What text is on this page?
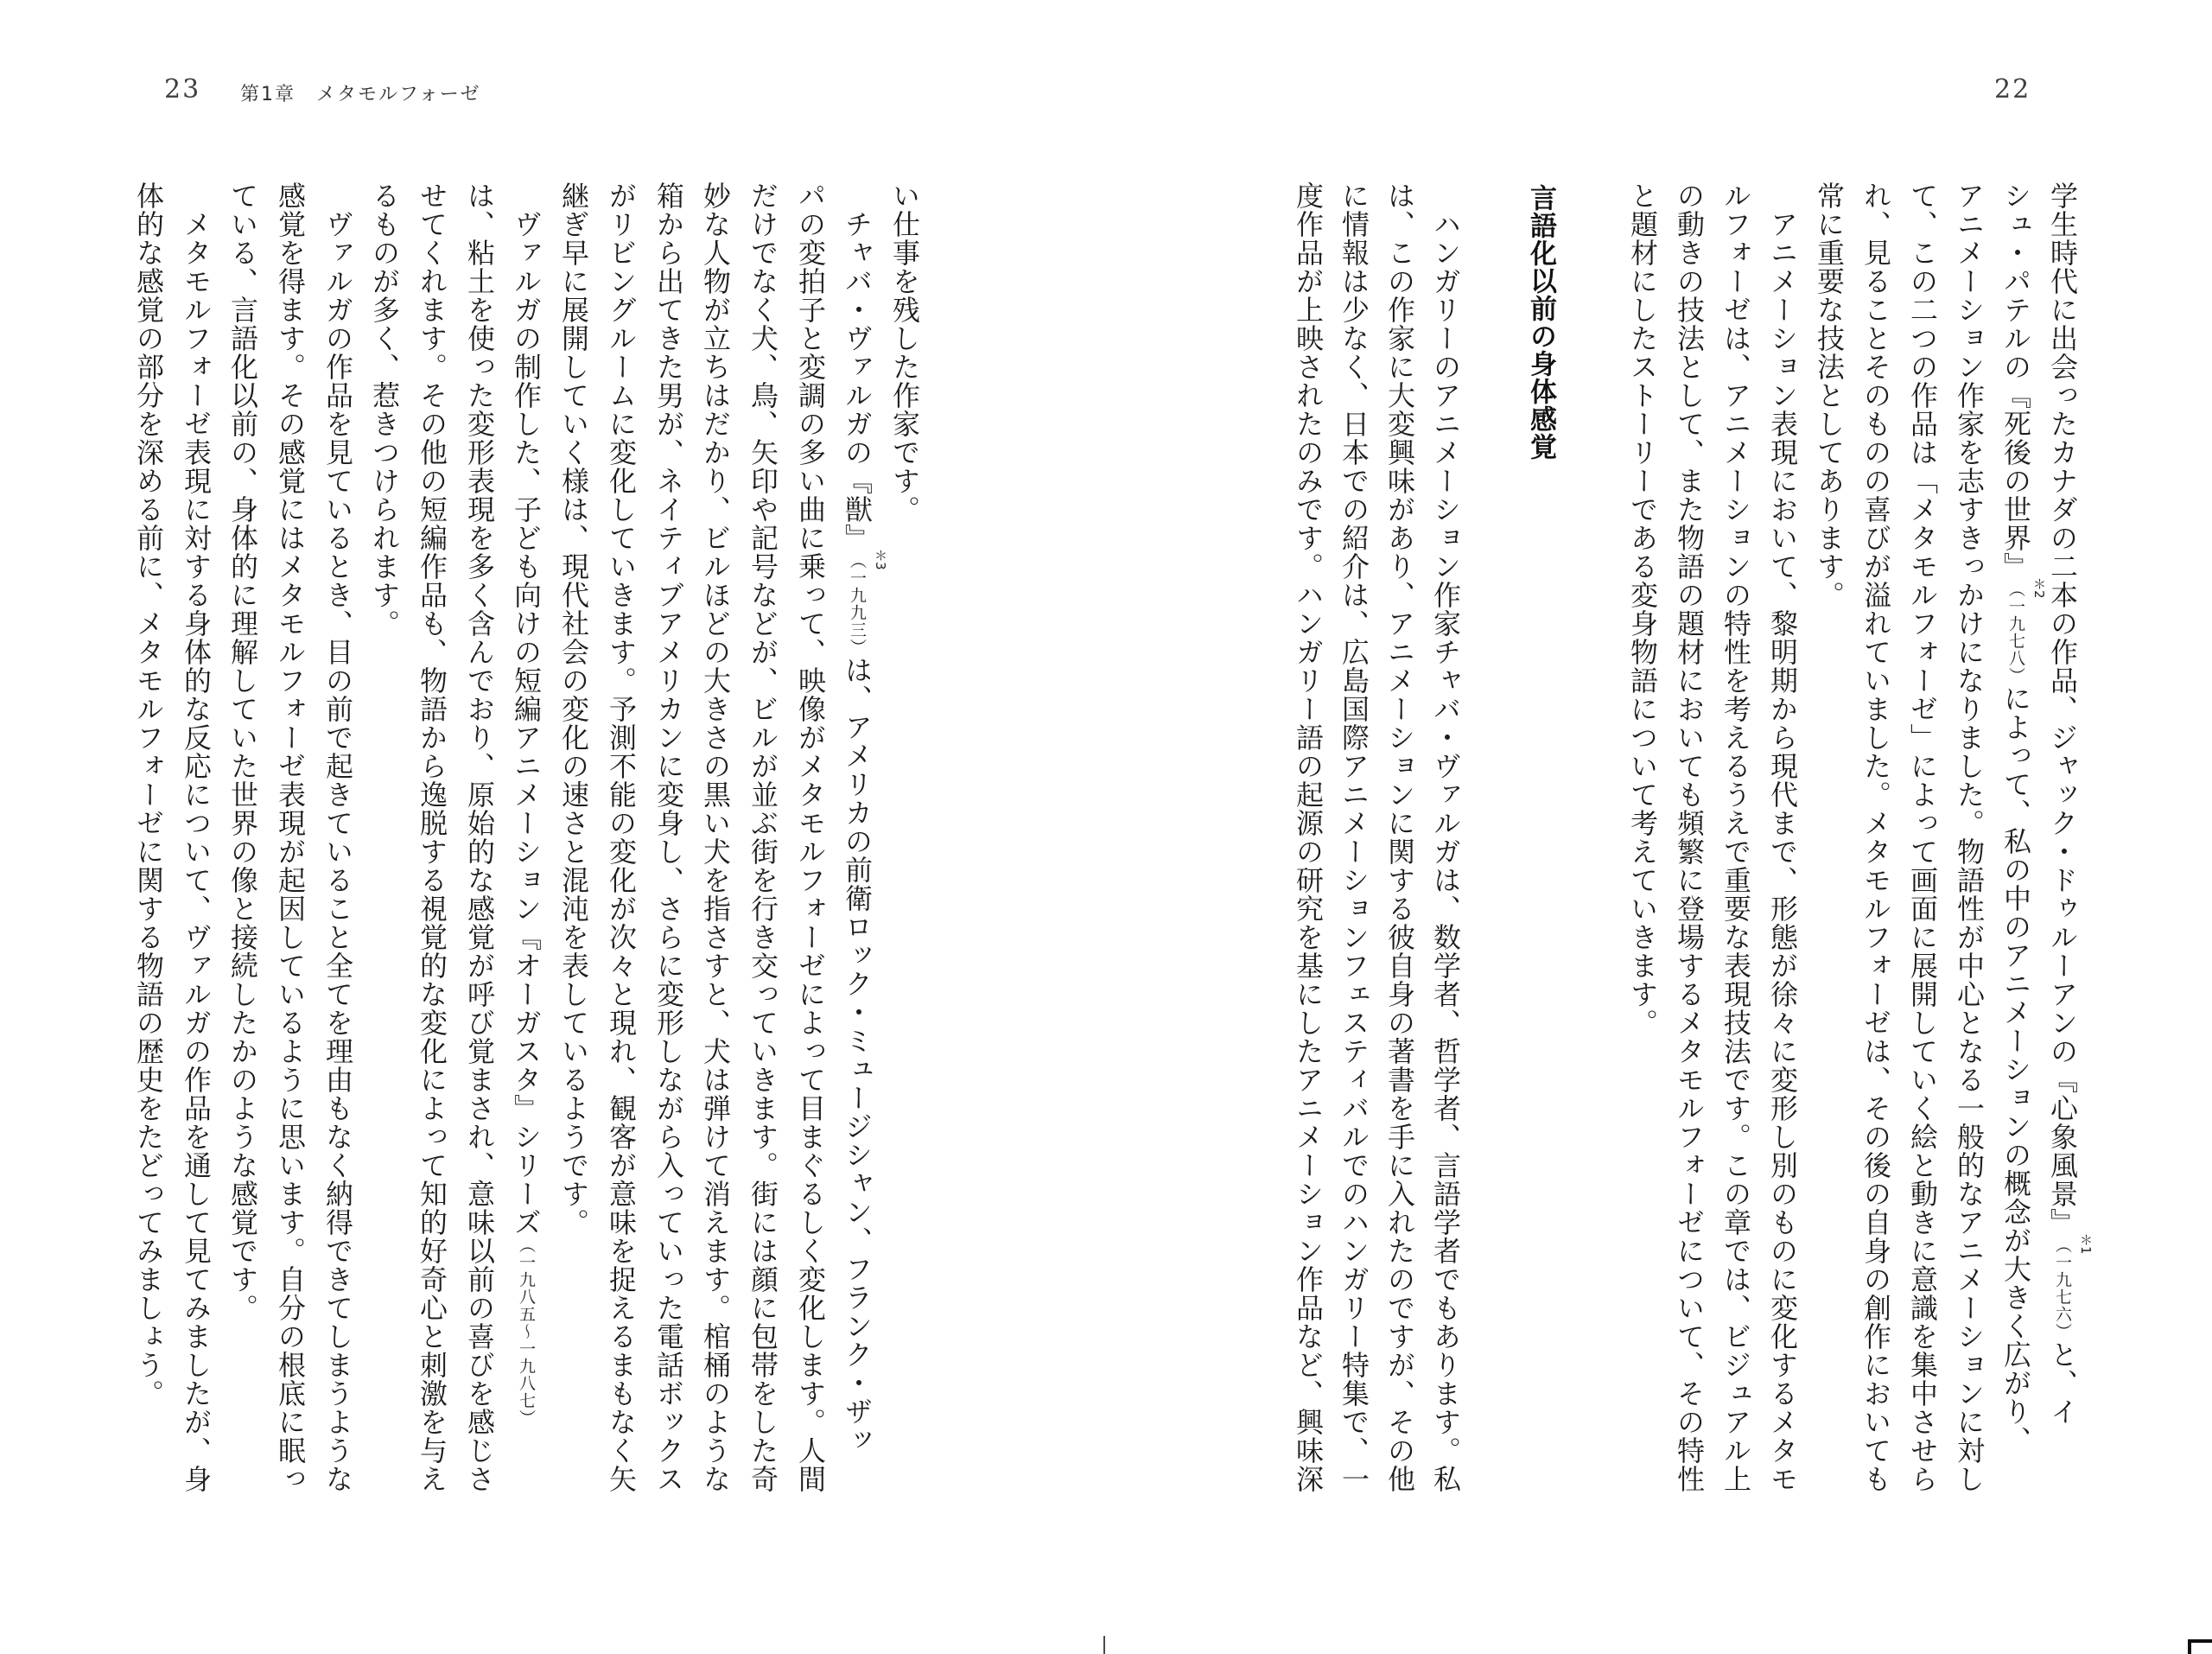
23 第1章　メタモルフォーゼ	22
学生時代に出会ったカナダの二本の作品、ジャック・ドゥルーアンの『心象風景』
＊1
（一九七六）と、イ
シュ・パテルの『死後の世界』
＊2
（一九七八）によって、私の中のアニメーションの概念が大きく広がり、
アニメーション作家を志すきっかけになりました。物語性が中心となる一般的なアニメーションに対し
て、この二つの作品は「メタモルフォーゼ」によって画面に展開していく絵と動きに意識を集中させら
れ、見ることそのものの喜びが溢れていました。メタモルフォーゼは、その後の自身の創作においても
常に重要な技法としてあります。
　アニメーション表現において、黎明期から現代まで、形態が徐々に変形し別のものに変化するメタモ
ルフォーゼは、アニメーションの特性を考えるうえで重要な表現技法です。この章では、ビジュアル上
の動きの技法として、また物語の題材においても頻繁に登場するメタモルフォーゼについて、その特性
と題材にしたストーリーである変身物語について考えていきます。
言語化以前の身体感覚
　ハンガリーのアニメーション作家チャバ・ヴァルガは、数学者、哲学者、言語学者でもあります。私
は、この作家に大変興味があり、アニメーションに関する彼自身の著書を手に入れたのですが、その他
に情報は少なく、日本での紹介は、広島国際アニメーションフェスティバルでのハンガリー特集で、一
度作品が上映されたのみです。ハンガリー語の起源の研究を基にしたアニメーション作品など、興味深
い仕事を残した作家です。
　チャバ・ヴァルガの『獣』
＊3
（一九九三）は、アメリカの前衛ロック・ミュージシャン、フランク・ザッ
パの変拍子と変調の多い曲に乗って、映像がメタモルフォーゼによって目まぐるしく変化します。人間
だけでなく犬、鳥、矢印や記号などが、ビルが並ぶ街を行き交っていきます。街には顔に包帯をした奇
妙な人物が立ちはだかり、ビルほどの大きさの黒い犬を指さすと、犬は弾けて消えます。棺桶のような
箱から出てきた男が、ネイティブアメリカンに変身し、さらに変形しながら入っていった電話ボックス
がリビングルームに変化していきます。予測不能の変化が次々と現れ、観客が意味を捉えるまもなく矢
継ぎ早に展開していく様は、現代社会の変化の速さと混沌を表しているようです。
　ヴァルガの制作した、子ども向けの短編アニメーション『オーガスタ』シリーズ（一九八五〜一九八七）
は、粘土を使った変形表現を多く含んでおり、原始的な感覚が呼び覚まされ、意味以前の喜びを感じさ
せてくれます。その他の短編作品も、物語から逸脱する視覚的な変化によって知的好奇心と刺激を与え
るものが多く、惹きつけられます。
　ヴァルガの作品を見ているとき、目の前で起きていること全てを理由もなく納得できてしまうような
感覚を得ます。その感覚にはメタモルフォーゼ表現が起因しているように思います。自分の根底に眠っ
ている、言語化以前の、身体的に理解していた世界の像と接続したかのような感覚です。
　メタモルフォーゼ表現に対する身体的な反応について、ヴァルガの作品を通して見てみましたが、身
体的な感覚の部分を深める前に、メタモルフォーゼに関する物語の歴史をたどってみましょう。
